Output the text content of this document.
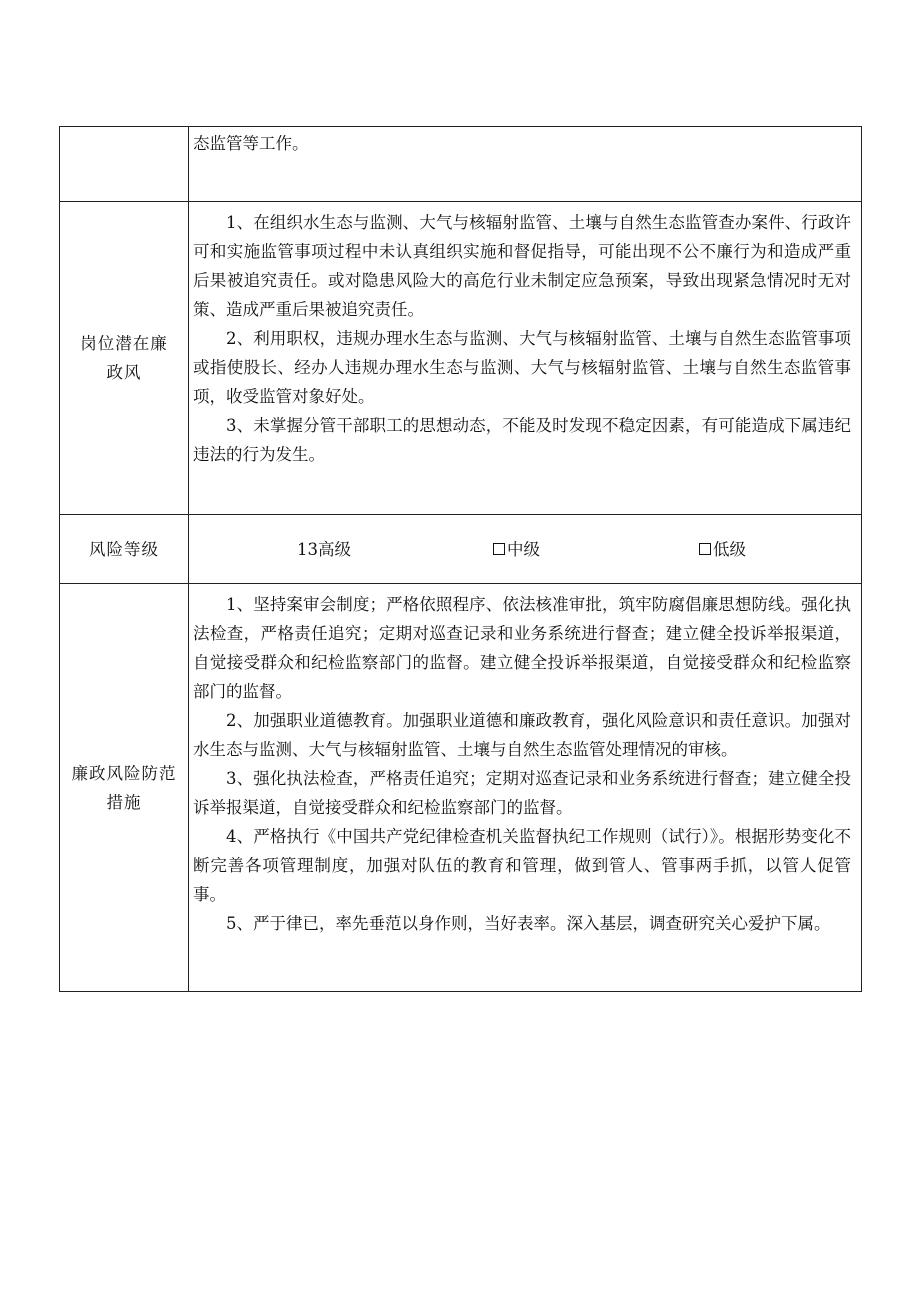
	态监管等工作。

岗位潜在廉政风	1、在组织水生态与监测、大气与核辐射监管、土壤与自然生态监管查办案件、行政许可和实施监管事项过程中未认真组织实施和督促指导，可能出现不公不廉行为和造成严重后果被追究责任。或对隐患风险大的高危行业未制定应急预案，导致出现紧急情况时无对策、造成严重后果被追究责任。

2、利用职权，违规办理水生态与监测、大气与核辐射监管、土壤与自然生态监管事项或指使股长、经办人违规办理水生态与监测、大气与核辐射监管、土壤与自然生态监管事项，收受监管对象好处。

3、未掌握分管干部职工的思想动态，不能及时发现不稳定因素，有可能造成下属违纪违法的行为发生。

风险等级	13高级 中级 低级

廉政风险防范措施	1、坚持案审会制度；严格依照程序、依法核准审批，筑牢防腐倡廉思想防线。强化执法检查，严格责任追究；定期对巡查记录和业务系统进行督查；建立健全投诉举报渠道，自觉接受群众和纪检监察部门的监督。建立健全投诉举报渠道，自觉接受群众和纪检监察部门的监督。

2、加强职业道德教育。加强职业道德和廉政教育，强化风险意识和责任意识。加强对水生态与监测、大气与核辐射监管、土壤与自然生态监管处理情况的审核。

3、强化执法检查，严格责任追究；定期对巡查记录和业务系统进行督查；建立健全投诉举报渠道，自觉接受群众和纪检监察部门的监督。

4、严格执行《中国共产党纪律检查机关监督执纪工作规则（试行）》。根据形势变化不断完善各项管理制度，加强对队伍的教育和管理，做到管人、管事两手抓，以管人促管事。

5、严于律已，率先垂范以身作则，当好表率。深入基层，调查研究关心爱护下属。
